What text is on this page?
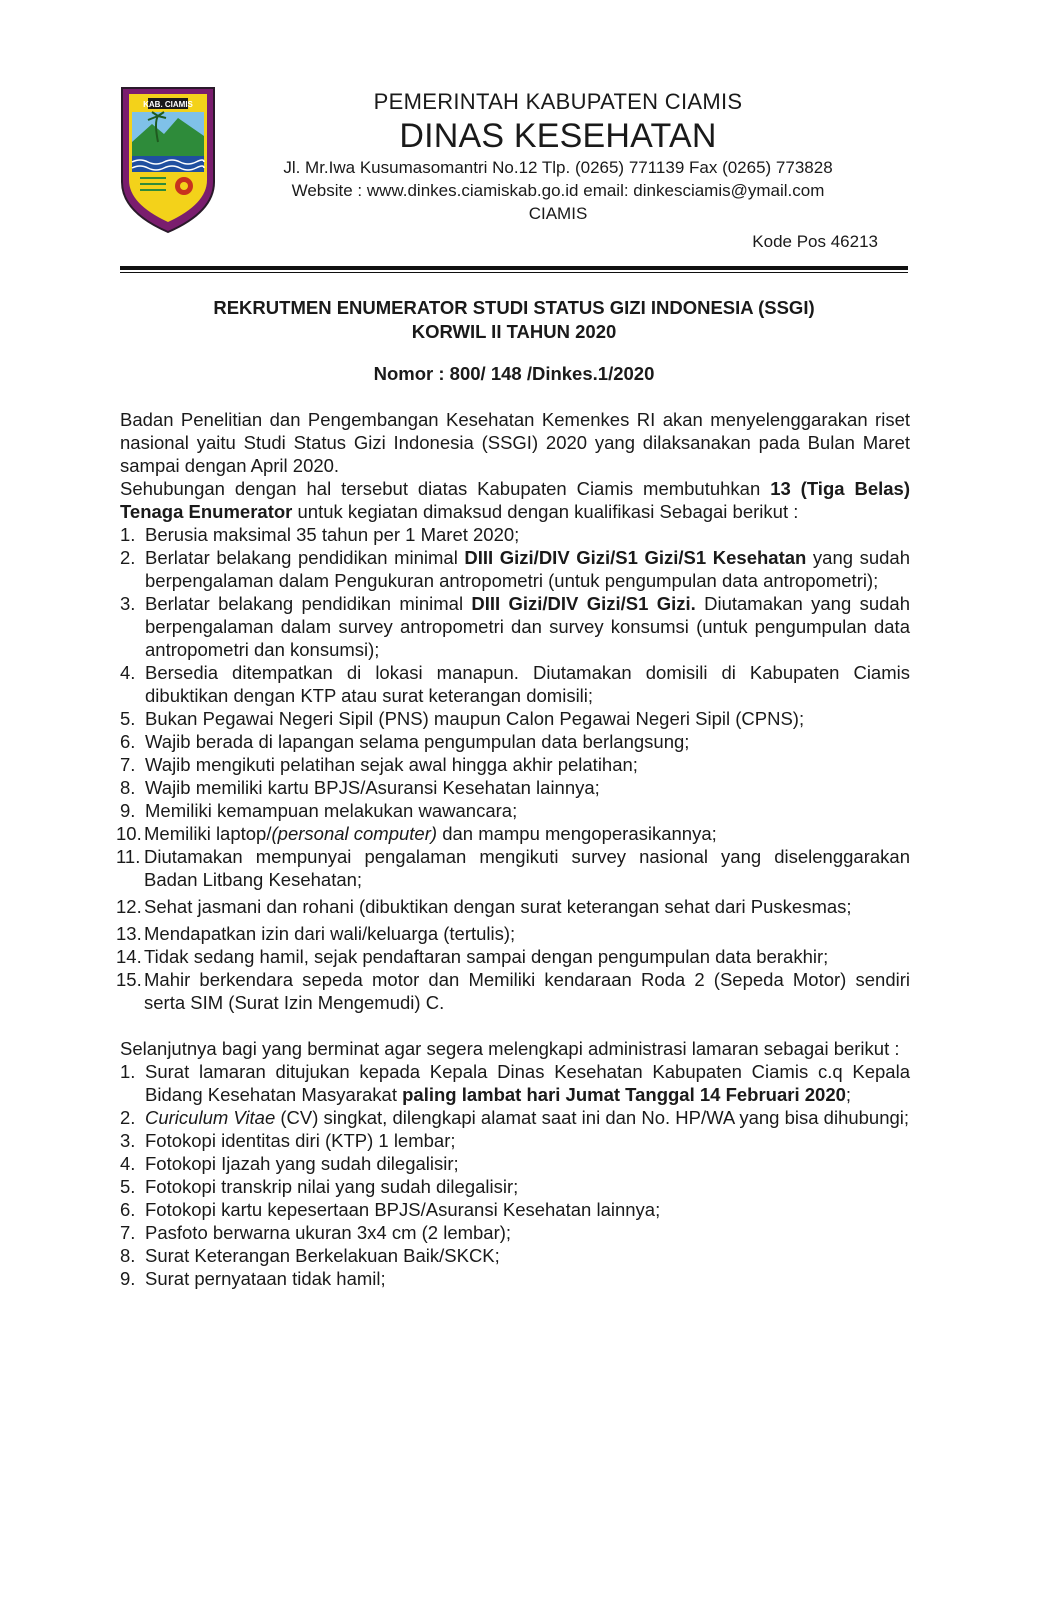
KAB. CIAMIS	PEMERINTAH KABUPATEN CIAMIS
DINAS KESEHATAN
Jl. Mr.Iwa Kusumasomantri No.12 Tlp. (0265) 771139 Fax (0265) 773828
Website : www.dinkes.ciamiskab.go.id email: dinkesciamis@ymail.com
CIAMIS
Kode Pos 46213
REKRUTMEN ENUMERATOR STUDI STATUS GIZI INDONESIA (SSGI)
KORWIL II TAHUN 2020
Nomor : 800/ 148 /Dinkes.1/2020

Badan Penelitian dan Pengembangan Kesehatan Kemenkes RI akan menyelenggarakan riset nasional yaitu Studi Status Gizi Indonesia (SSGI) 2020 yang dilaksanakan pada Bulan Maret sampai dengan April 2020.

Sehubungan dengan hal tersebut diatas Kabupaten Ciamis membutuhkan 13 (Tiga Belas) Tenaga Enumerator untuk kegiatan dimaksud dengan kualifikasi Sebagai berikut :

1. Berusia maksimal 35 tahun per 1 Maret 2020;
2. Berlatar belakang pendidikan minimal DIII Gizi/DIV Gizi/S1 Gizi/S1 Kesehatan yang sudah berpengalaman dalam Pengukuran antropometri (untuk pengumpulan data antropometri);
3. Berlatar belakang pendidikan minimal DIII Gizi/DIV Gizi/S1 Gizi. Diutamakan yang sudah berpengalaman dalam survey antropometri dan survey konsumsi (untuk pengumpulan data antropometri dan konsumsi);
4. Bersedia ditempatkan di lokasi manapun. Diutamakan domisili di Kabupaten Ciamis dibuktikan dengan KTP atau surat keterangan domisili;
5. Bukan Pegawai Negeri Sipil (PNS) maupun Calon Pegawai Negeri Sipil (CPNS);
6. Wajib berada di lapangan selama pengumpulan data berlangsung;
7. Wajib mengikuti pelatihan sejak awal hingga akhir pelatihan;
8. Wajib memiliki kartu BPJS/Asuransi Kesehatan lainnya;
9. Memiliki kemampuan melakukan wawancara;
10. Memiliki laptop/(personal computer) dan mampu mengoperasikannya;
11. Diutamakan mempunyai pengalaman mengikuti survey nasional yang diselenggarakan Badan Litbang Kesehatan;
12. Sehat jasmani dan rohani (dibuktikan dengan surat keterangan sehat dari Puskesmas;
13. Mendapatkan izin dari wali/keluarga (tertulis);
14. Tidak sedang hamil, sejak pendaftaran sampai dengan pengumpulan data berakhir;
15. Mahir berkendara sepeda motor dan Memiliki kendaraan Roda 2 (Sepeda Motor) sendiri serta SIM (Surat Izin Mengemudi) C.

Selanjutnya bagi yang berminat agar segera melengkapi administrasi lamaran sebagai berikut :

1. Surat lamaran ditujukan kepada Kepala Dinas Kesehatan Kabupaten Ciamis c.q Kepala Bidang Kesehatan Masyarakat paling lambat hari Jumat Tanggal 14 Februari 2020;
2. Curiculum Vitae (CV) singkat, dilengkapi alamat saat ini dan No. HP/WA yang bisa dihubungi;
3. Fotokopi identitas diri (KTP) 1 lembar;
4. Fotokopi Ijazah yang sudah dilegalisir;
5. Fotokopi transkrip nilai yang sudah dilegalisir;
6. Fotokopi kartu kepesertaan BPJS/Asuransi Kesehatan lainnya;
7. Pasfoto berwarna ukuran 3x4 cm (2 lembar);
8. Surat Keterangan Berkelakuan Baik/SKCK;
9. Surat pernyataan tidak hamil;
